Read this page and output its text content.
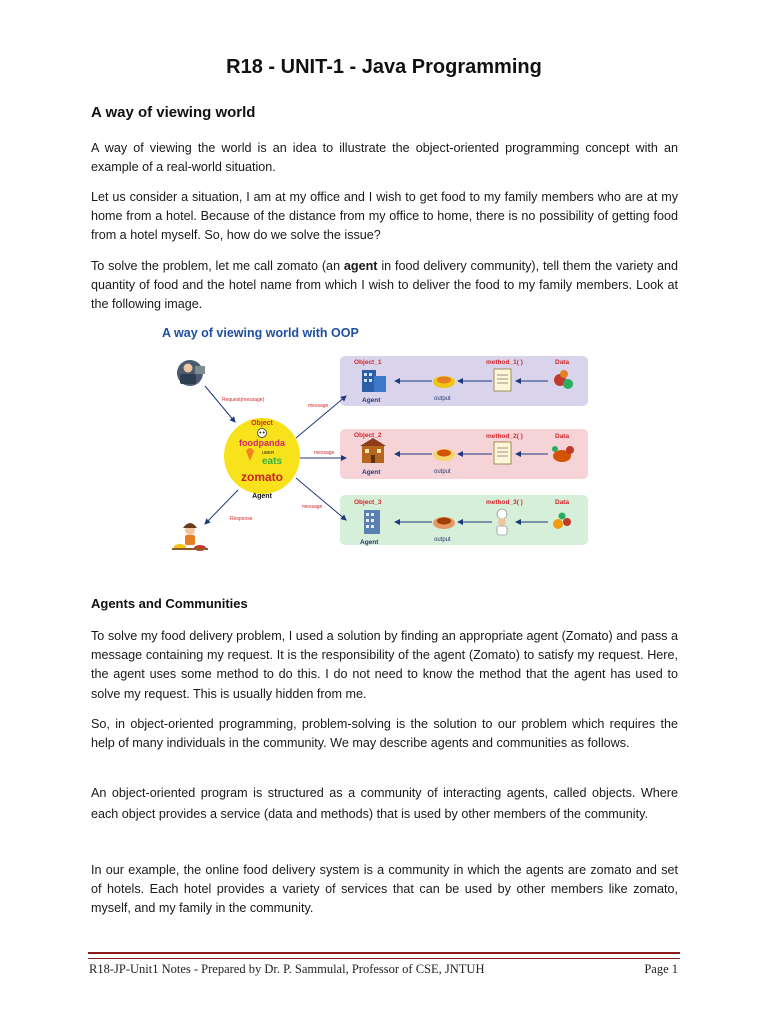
R18 - UNIT-1 - Java Programming
A way of viewing world

A way of viewing the world is an idea to illustrate the object-oriented programming concept with an example of a real-world situation.

Let us consider a situation, I am at my office and I wish to get food to my family members who are at my home from a hotel. Because of the distance from my office to home, there is no possibility of getting food from a hotel myself. So, how do we solve the issue?

To solve the problem, let me call zomato (an agent in food delivery community), tell them the variety and quantity of food and the hotel name from which I wish to deliver the food to my family members. Look at the following image.

A way of viewing world with OOP
Object
foodpanda
UBER
eats
zomato
Agent
Request(message)
Response
message
message
message
Object_1
Agent	output
method_1( )	Data
Object_2
Agent	output
method_2( )	Data
Object_3
Agent	output
method_3( )	Data
Agents and Communities

To solve my food delivery problem, I used a solution by finding an appropriate agent (Zomato) and pass a message containing my request. It is the responsibility of the agent (Zomato) to satisfy my request. Here, the agent uses some method to do this. I do not need to know the method that the agent has used to solve my request. This is usually hidden from me.

So, in object-oriented programming, problem-solving is the solution to our problem which requires the help of many individuals in the community. We may describe agents and communities as follows.

An object-oriented program is structured as a community of interacting agents, called objects. Where each object provides a service (data and methods) that is used by other members of the community.

In our example, the online food delivery system is a community in which the agents are zomato and set of hotels. Each hotel provides a variety of services that can be used by other members like zomato, myself, and my family in the community.

R18-JP-Unit1 Notes - Prepared by Dr. P. Sammulal, Professor of CSE, JNTUH	Page 1
